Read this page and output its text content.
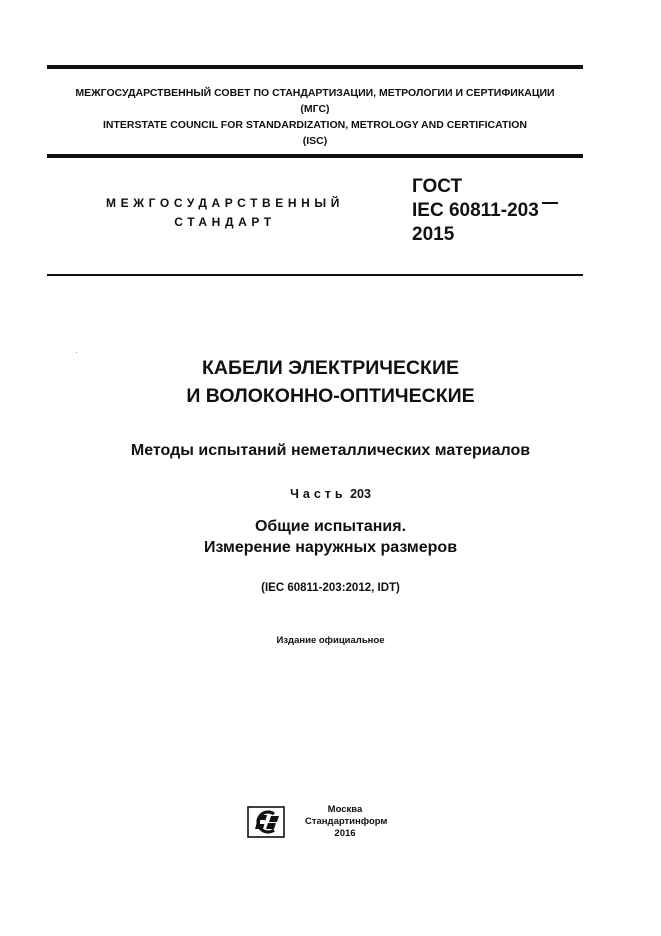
МЕЖГОСУДАРСТВЕННЫЙ СОВЕТ ПО СТАНДАРТИЗАЦИИ, МЕТРОЛОГИИ И СЕРТИФИКАЦИИ
(МГС)
INTERSTATE COUNCIL FOR STANDARDIZATION, METROLOGY AND CERTIFICATION
(ISC)
МЕЖГОСУДАРСТВЕННЫЙ
СТАНДАРТ
ГОСТ
IEC 60811-203
2015
КАБЕЛИ ЭЛЕКТРИЧЕСКИЕ
И ВОЛОКОННО-ОПТИЧЕСКИЕ
Методы испытаний неметаллических материалов
Часть 203
Общие испытания.
Измерение наружных размеров
(IEC 60811-203:2012, IDT)
Издание официальное
Москва
Стандартинформ
2016
